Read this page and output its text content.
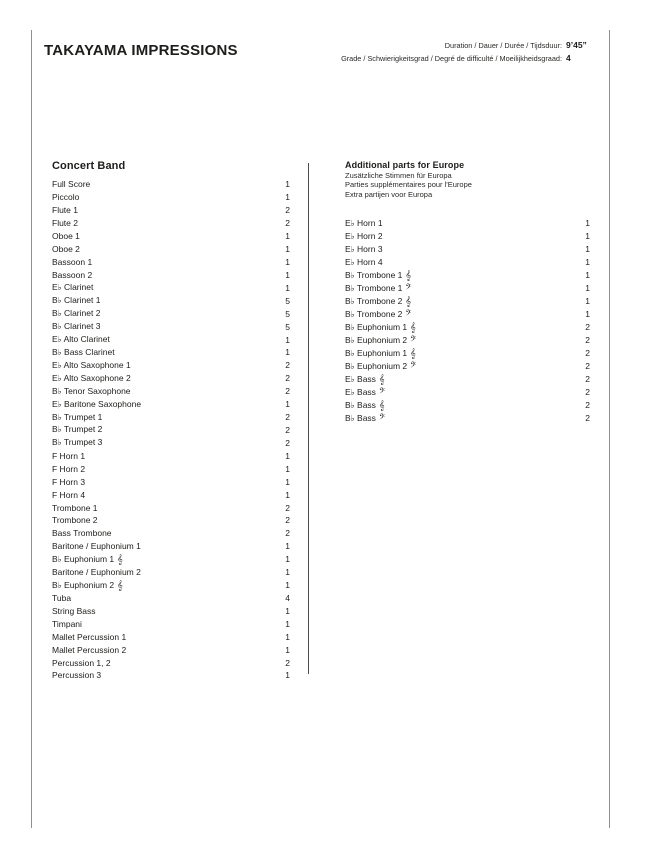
TAKAYAMA IMPRESSIONS	Duration / Dauer / Durée / Tijdsduur: 9’45”
Grade / Schwierigkeitsgrad / Degré de difficulté / Moeilijkheidsgraad: 4
Concert Band
Full Score	1
Piccolo	1
Flute 1	2
Flute 2	2
Oboe 1	1
Oboe 2	1
Bassoon 1	1
Bassoon 2	1
E♭ Clarinet	1
B♭ Clarinet 1	5
B♭ Clarinet 2	5
B♭ Clarinet 3	5
E♭ Alto Clarinet	1
B♭ Bass Clarinet	1
E♭ Alto Saxophone 1	2
E♭ Alto Saxophone 2	2
B♭ Tenor Saxophone	2
E♭ Baritone Saxophone	1
B♭ Trumpet 1	2
B♭ Trumpet 2	2
B♭ Trumpet 3	2
F Horn 1	1
F Horn 2	1
F Horn 3	1
F Horn 4	1
Trombone 1	2
Trombone 2	2
Bass Trombone	2
Baritone / Euphonium 1	1
B♭ Euphonium 1 𝄞	1
Baritone / Euphonium 2	1
B♭ Euphonium 2 𝄞	1
Tuba	4
String Bass	1
Timpani	1
Mallet Percussion 1	1
Mallet Percussion 2	1
Percussion 1, 2	2
Percussion 3	1
Additional parts for Europe
Zusätzliche Stimmen für Europa
Parties supplémentaires pour l'Europe
Extra partijen voor Europa
E♭ Horn 1	1
E♭ Horn 2	1
E♭ Horn 3	1
E♭ Horn 4	1
B♭ Trombone 1 𝄞	1
B♭ Trombone 1 𝄢	1
B♭ Trombone 2 𝄞	1
B♭ Trombone 2 𝄢	1
B♭ Euphonium 1 𝄞	2
B♭ Euphonium 2 𝄢	2
B♭ Euphonium 1 𝄞	2
B♭ Euphonium 2 𝄢	2
E♭ Bass 𝄞	2
E♭ Bass 𝄢	2
B♭ Bass 𝄞	2
B♭ Bass 𝄢	2
